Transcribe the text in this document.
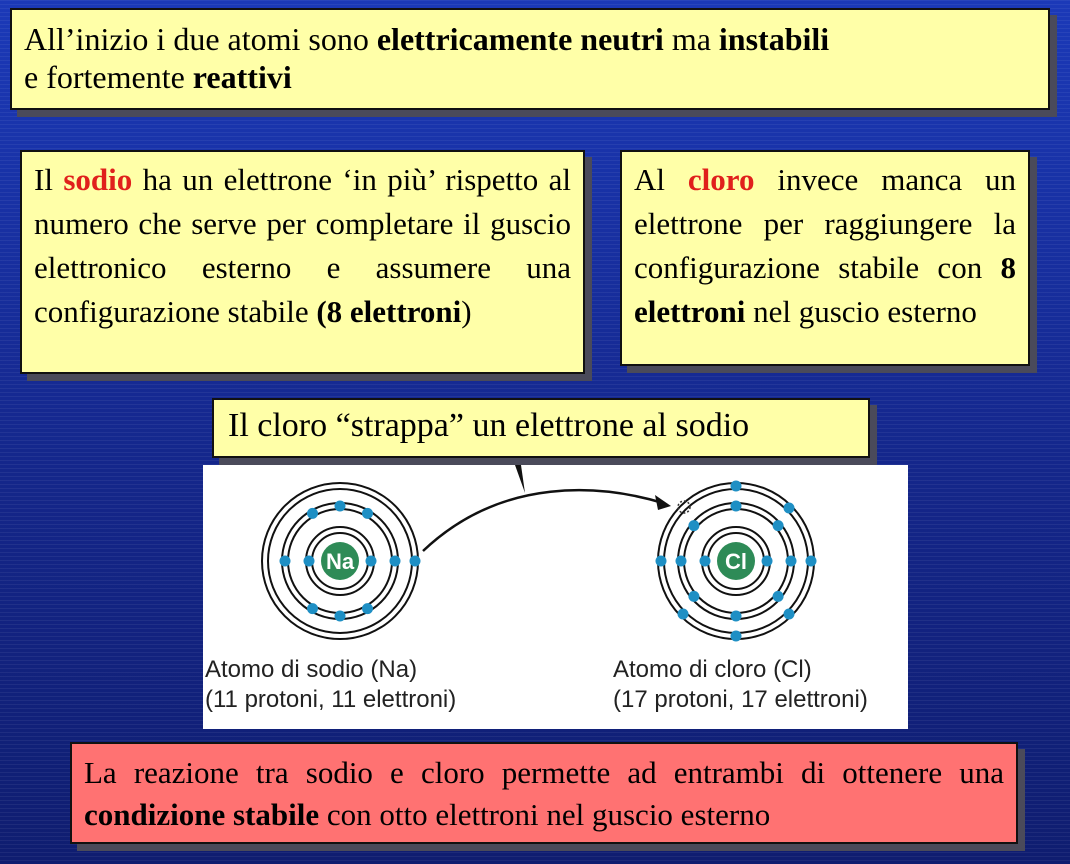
All’inizio i due atomi sono elettricamente neutri ma instabili
e fortemente reattivi
Il sodio ha un elettrone ‘in più’ rispetto al numero che serve per completare il guscio elettronico esterno e assumere una configurazione stabile (8 elettroni)
Al cloro invece manca un elettrone per raggiungere la configurazione stabile con 8 elettroni nel guscio esterno
Na	Cl
Atomo di sodio (Na)
(11 protoni, 11 elettroni)
Atomo di cloro (Cl)
(17 protoni, 17 elettroni)
Il cloro “strappa” un elettrone al sodio
La reazione tra sodio e cloro permette ad entrambi di ottenere una condizione stabile con otto elettroni nel guscio esterno
